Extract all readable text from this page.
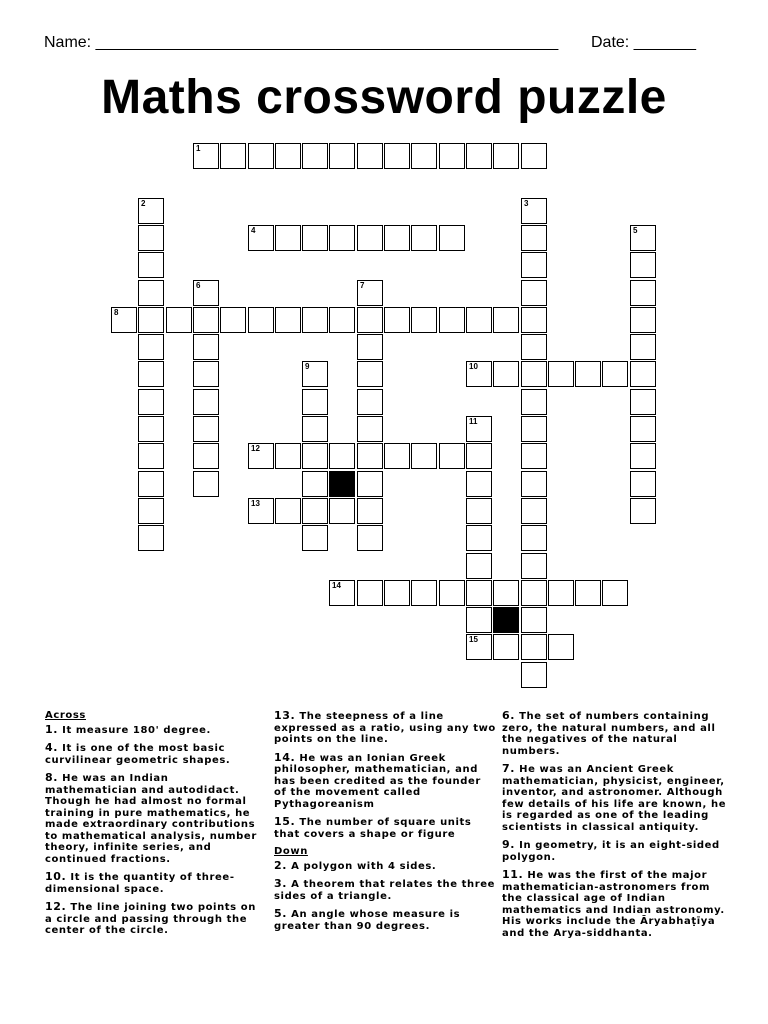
Name: ____________________________________________________ Date: _______
Maths crossword puzzle
1
2	3
4	5
6	7
8
9	10
11
15
12
13
14

Across

1. It measure 180' degree.

4. It is one of the most basic curvilinear geometric shapes.

8. He was an Indian mathematician and autodidact. Though he had almost no formal training in pure mathematics, he made extraordinary contributions to mathematical analysis, number theory, infinite series, and continued fractions.

10. It is the quantity of three-dimensional space.

12. The line joining two points on a circle and passing through the center of the circle.

13. The steepness of a line expressed as a ratio, using any two points on the line.

14. He was an Ionian Greek philosopher, mathematician, and has been credited as the founder of the movement called Pythagoreanism

15. The number of square units that covers a shape or figure

Down

2. A polygon with 4 sides.

3. A theorem that relates the three sides of a triangle.

5. An angle whose measure is greater than 90 degrees.

6. The set of numbers containing zero, the natural numbers, and all the negatives of the natural numbers.

7. He was an Ancient Greek mathematician, physicist, engineer, inventor, and astronomer. Although few details of his life are known, he is regarded as one of the leading scientists in classical antiquity.

9. In geometry, it is an eight-sided polygon.

11. He was the first of the major mathematician-astronomers from the classical age of Indian mathematics and Indian astronomy. His works include the Āryabhaṭīya and the Arya-siddhanta.
